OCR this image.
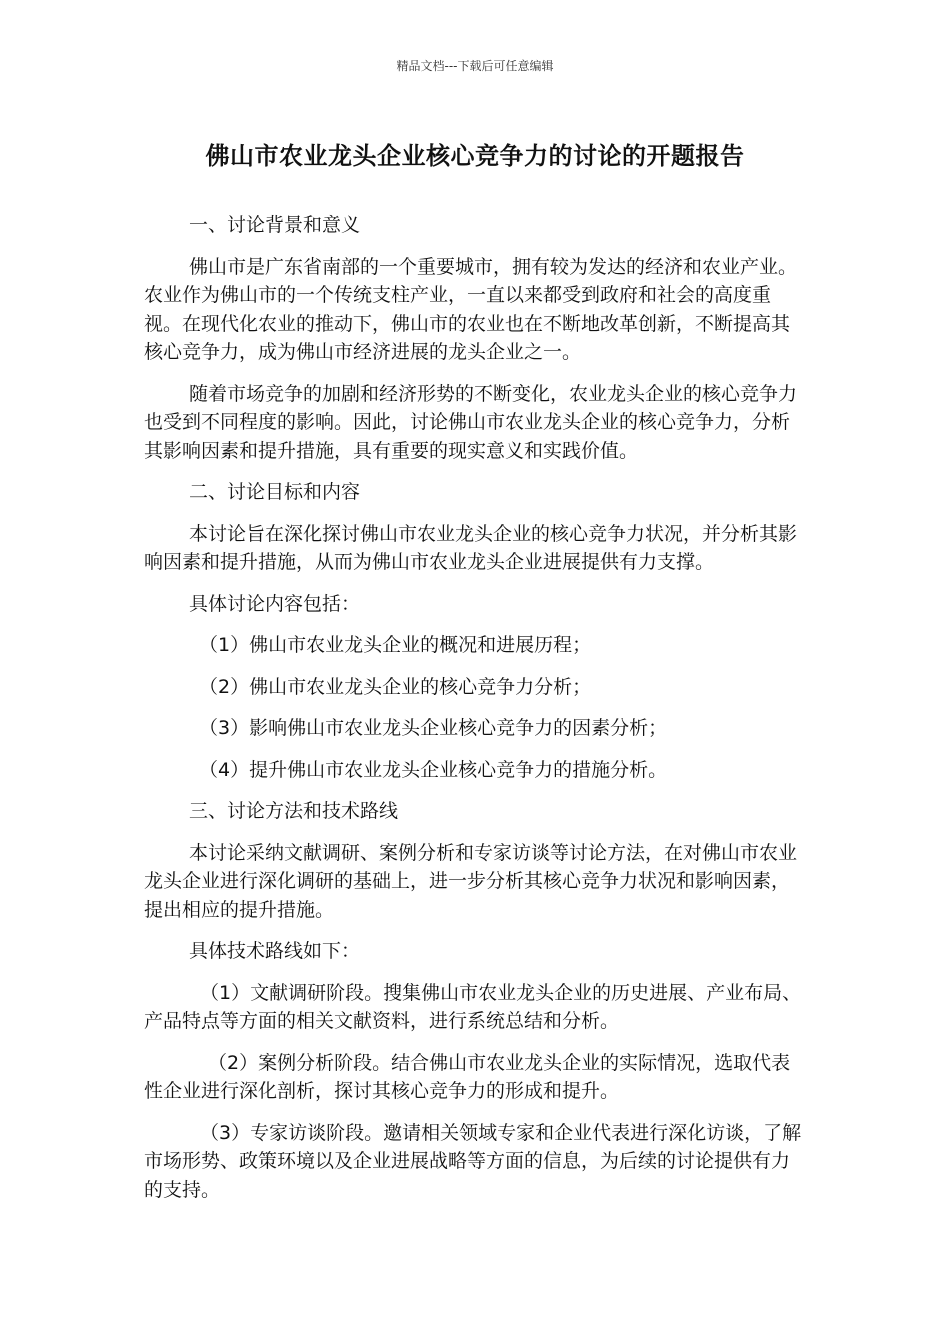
精品文档---下载后可任意编辑
佛山市农业龙头企业核心竞争力的讨论的开题报告

一、讨论背景和意义

佛山市是广东省南部的一个重要城市，拥有较为发达的经济和农业产业。农业作为佛山市的一个传统支柱产业，一直以来都受到政府和社会的高度重视。在现代化农业的推动下，佛山市的农业也在不断地改革创新，不断提高其核心竞争力，成为佛山市经济进展的龙头企业之一。

随着市场竞争的加剧和经济形势的不断变化，农业龙头企业的核心竞争力也受到不同程度的影响。因此，讨论佛山市农业龙头企业的核心竞争力，分析其影响因素和提升措施，具有重要的现实意义和实践价值。

二、讨论目标和内容

本讨论旨在深化探讨佛山市农业龙头企业的核心竞争力状况，并分析其影响因素和提升措施，从而为佛山市农业龙头企业进展提供有力支撑。

具体讨论内容包括：

（1）佛山市农业龙头企业的概况和进展历程；

（2）佛山市农业龙头企业的核心竞争力分析；

（3）影响佛山市农业龙头企业核心竞争力的因素分析；

（4）提升佛山市农业龙头企业核心竞争力的措施分析。

三、讨论方法和技术路线

本讨论采纳文献调研、案例分析和专家访谈等讨论方法，在对佛山市农业龙头企业进行深化调研的基础上，进一步分析其核心竞争力状况和影响因素，提出相应的提升措施。

具体技术路线如下：

（1）文献调研阶段。搜集佛山市农业龙头企业的历史进展、产业布局、产品特点等方面的相关文献资料，进行系统总结和分析。

（2）案例分析阶段。结合佛山市农业龙头企业的实际情况，选取代表性企业进行深化剖析，探讨其核心竞争力的形成和提升。

（3）专家访谈阶段。邀请相关领域专家和企业代表进行深化访谈，了解市场形势、政策环境以及企业进展战略等方面的信息，为后续的讨论提供有力的支持。
